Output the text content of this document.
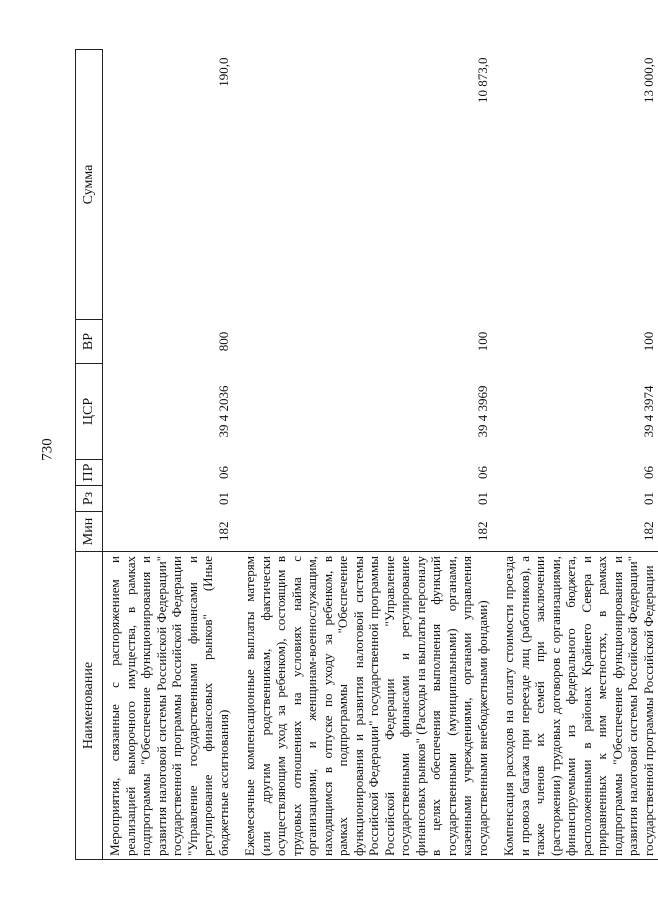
730
Наименование	Мин	Рз	ПР	ЦСР	ВР	Сумма
Мероприятия, связанные с распоряжением и реализацией выморочного имущества, в рамках подпрограммы "Обеспечение функционирования и развития налоговой системы Российской Федерации" государственной программы Российской Федерации "Управление государственными финансами и регулирование финансовых рынков" (Иные бюджетные ассигнования)	182	01	06	39 4 2036	800	190,0

Ежемесячные компенсационные выплаты матерям (или другим родственникам, фактически осуществляющим уход за ребенком), состоящим в трудовых отношениях на условиях найма с организациями, и женщинам-военнослужащим, находящимся в отпуске по уходу за ребенком, в рамках подпрограммы "Обеспечение функционирования и развития налоговой системы Российской Федерации" государственной программы Российской Федерации "Управление государственными финансами и регулирование финансовых рынков" (Расходы на выплаты персоналу в целях обеспечения выполнения функций государственными (муниципальными) органами, казенными учреждениями, органами управления государственными внебюджетными фондами)	182	01	06	39 4 3969	100	10 873,0

Компенсация расходов на оплату стоимости проезда и провоза багажа при переезде лиц (работников), а также членов их семей при заключении (расторжении) трудовых договоров с организациями, финансируемыми из федерального бюджета, расположенными в районах Крайнего Севера и приравненных к ним местностях, в рамках подпрограммы "Обеспечение функционирования и развития налоговой системы Российской Федерации" государственной программы Российской Федерации	182	01	06	39 4 3974	100	13 000,0
